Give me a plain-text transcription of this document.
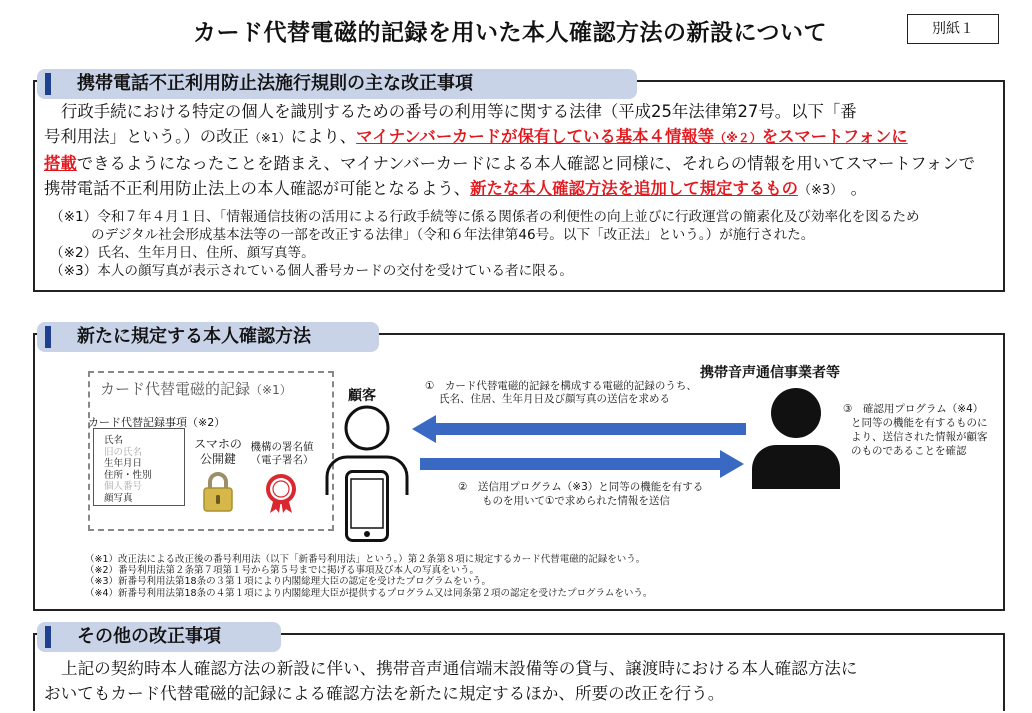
カード代替電磁的記録を用いた本人確認方法の新設について	別紙１
携帯電話不正利用防止法施行規則の主な改正事項
行政手続における特定の個人を識別するための番号の利用等に関する法律（平成25年法律第27号。以下「番
号利用法」という。）の改正（※1）により、マイナンバーカードが保有している基本４情報等（※２）をスマートフォンに
搭載できるようになったことを踏まえ、マイナンバーカードによる本人確認と同様に、それらの情報を用いてスマートフォンで
携帯電話不正利用防止法上の本人確認が可能となるよう、新たな本人確認方法を追加して規定するもの（※3） 。
（※1）令和７年４月１日、「情報通信技術の活用による行政手続等に係る関係者の利便性の向上並びに行政運営の簡素化及び効率化を図るため
のデジタル社会形成基本法等の一部を改正する法律」（令和６年法律第46号。以下「改正法」という。）が施行された。
（※2）氏名、生年月日、住所、顔写真等。
（※3）本人の顔写真が表示されている個人番号カードの交付を受けている者に限る。
新たに規定する本人確認方法
カード代替電磁的記録（※1）
カード代替記録事項（※2）
氏名
旧の氏名
生年月日
住所・性別
個人番号
顔写真
スマホの
公開鍵
機構の署名値
（電子署名）
顧客
①　カード代替電磁的記録を構成する電磁的記録のうち、
氏名、住居、生年月日及び顔写真の送信を求める
②　送信用プログラム（※3）と同等の機能を有する
ものを用いて①で求められた情報を送信
携帯音声通信事業者等
③　確認用プログラム（※4）
と同等の機能を有するものに
より、送信された情報が顧客
のものであることを確認
（※1）改正法による改正後の番号利用法（以下「新番号利用法」という。）第２条第８項に規定するカード代替電磁的記録をいう。
（※2）番号利用法第２条第７項第１号から第５号までに掲げる事項及び本人の写真をいう。
（※3）新番号利用法第18条の３第１項により内閣総理大臣の認定を受けたプログラムをいう。
（※4）新番号利用法第18条の４第１項により内閣総理大臣が提供するプログラム又は同条第２項の認定を受けたプログラムをいう。
その他の改正事項
上記の契約時本人確認方法の新設に伴い、携帯音声通信端末設備等の貸与、譲渡時における本人確認方法に
おいてもカード代替電磁的記録による確認方法を新たに規定するほか、所要の改正を行う。
